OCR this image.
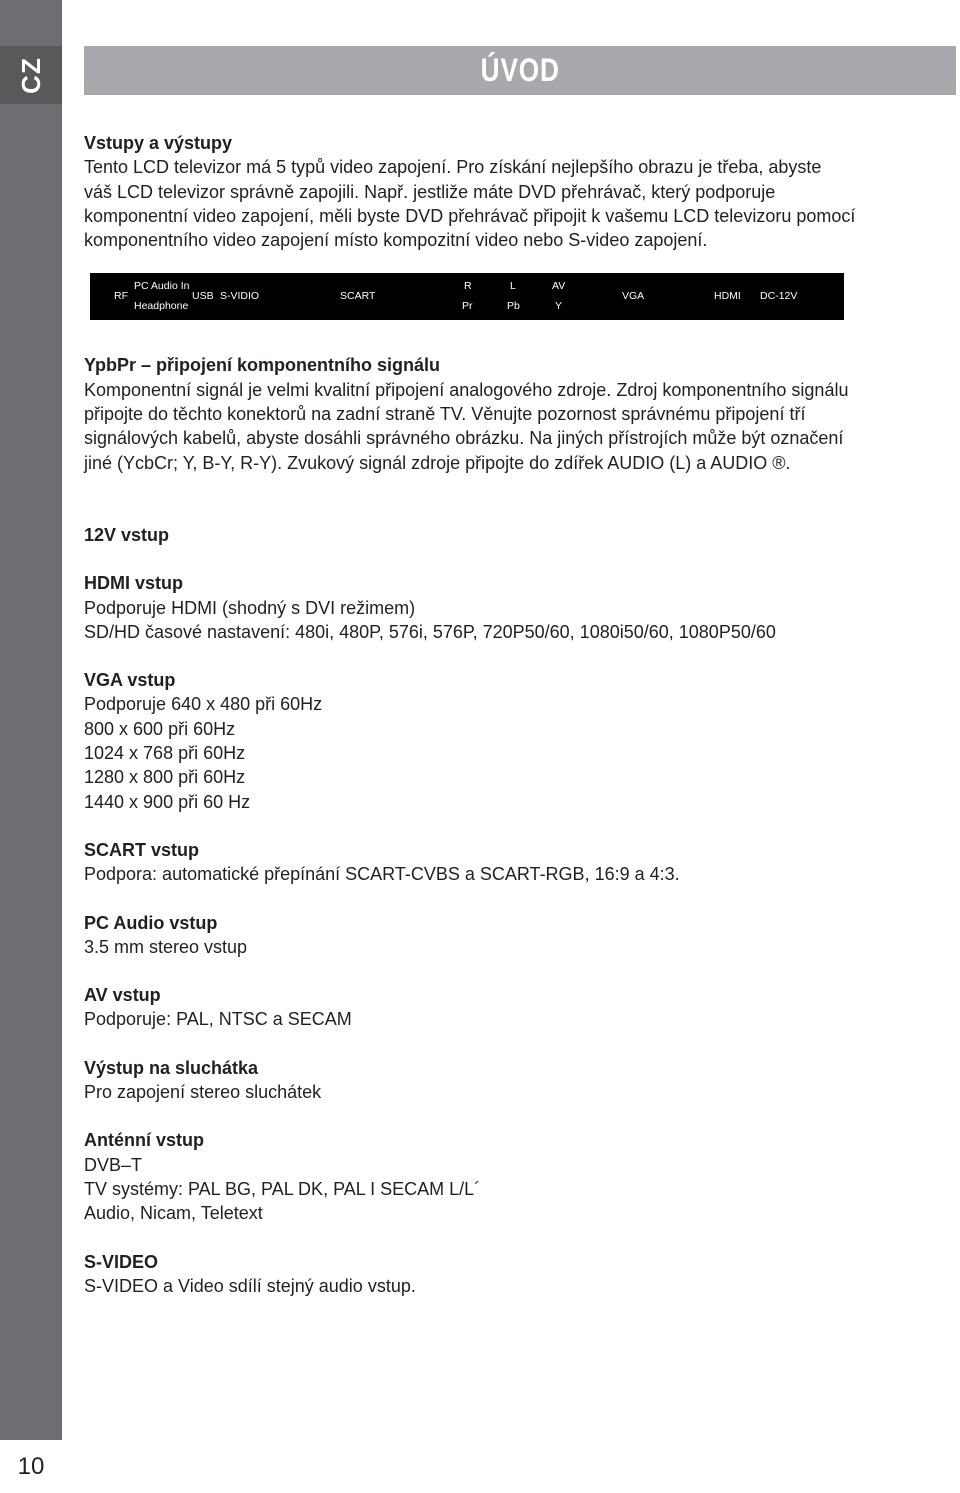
CZ
10
ÚVOD
Vstupy a výstupy

Tento LCD televizor má 5 typů video zapojení. Pro získání nejlepšího obrazu je třeba, abyste

váš LCD televizor správně zapojili. Např. jestliže máte DVD přehrávač, který podporuje

komponentní video zapojení, měli byste DVD přehrávač připojit k vašemu LCD televizoru pomocí

komponentního video zapojení místo kompozitní video nebo S-video zapojení.

RF
PC Audio In
Headphone
USB S-VIDIO	SCART
R
Pr
L
Pb
AV
Y
VGA	HDMI DC-12V
YpbPr – připojení komponentního signálu

Komponentní signál je velmi kvalitní připojení analogového zdroje. Zdroj komponentního signálu

připojte do těchto konektorů na zadní straně TV. Věnujte pozornost správnému připojení tří

signálových kabelů, abyste dosáhli správného obrázku. Na jiných přístrojích může být označení

jiné (YcbCr; Y, B-Y, R-Y). Zvukový signál zdroje připojte do zdířek AUDIO (L) a AUDIO ®.

12V vstup
HDMI vstup

Podporuje HDMI (shodný s DVI režimem)

SD/HD časové nastavení: 480i, 480P, 576i, 576P, 720P50/60, 1080i50/60, 1080P50/60

VGA vstup

Podporuje 640 x 480 při 60Hz

800 x 600 při 60Hz

1024 x 768 při 60Hz

1280 x 800 při 60Hz

1440 x 900 při 60 Hz

SCART vstup

Podpora: automatické přepínání SCART-CVBS a SCART-RGB, 16:9 a 4:3.

PC Audio vstup

3.5 mm stereo vstup

AV vstup

Podporuje: PAL, NTSC a SECAM

Výstup na sluchátka

Pro zapojení stereo sluchátek

Anténní vstup

DVB–T

TV systémy: PAL BG, PAL DK, PAL I SECAM L/L´

Audio, Nicam, Teletext

S-VIDEO

S-VIDEO a Video sdílí stejný audio vstup.
